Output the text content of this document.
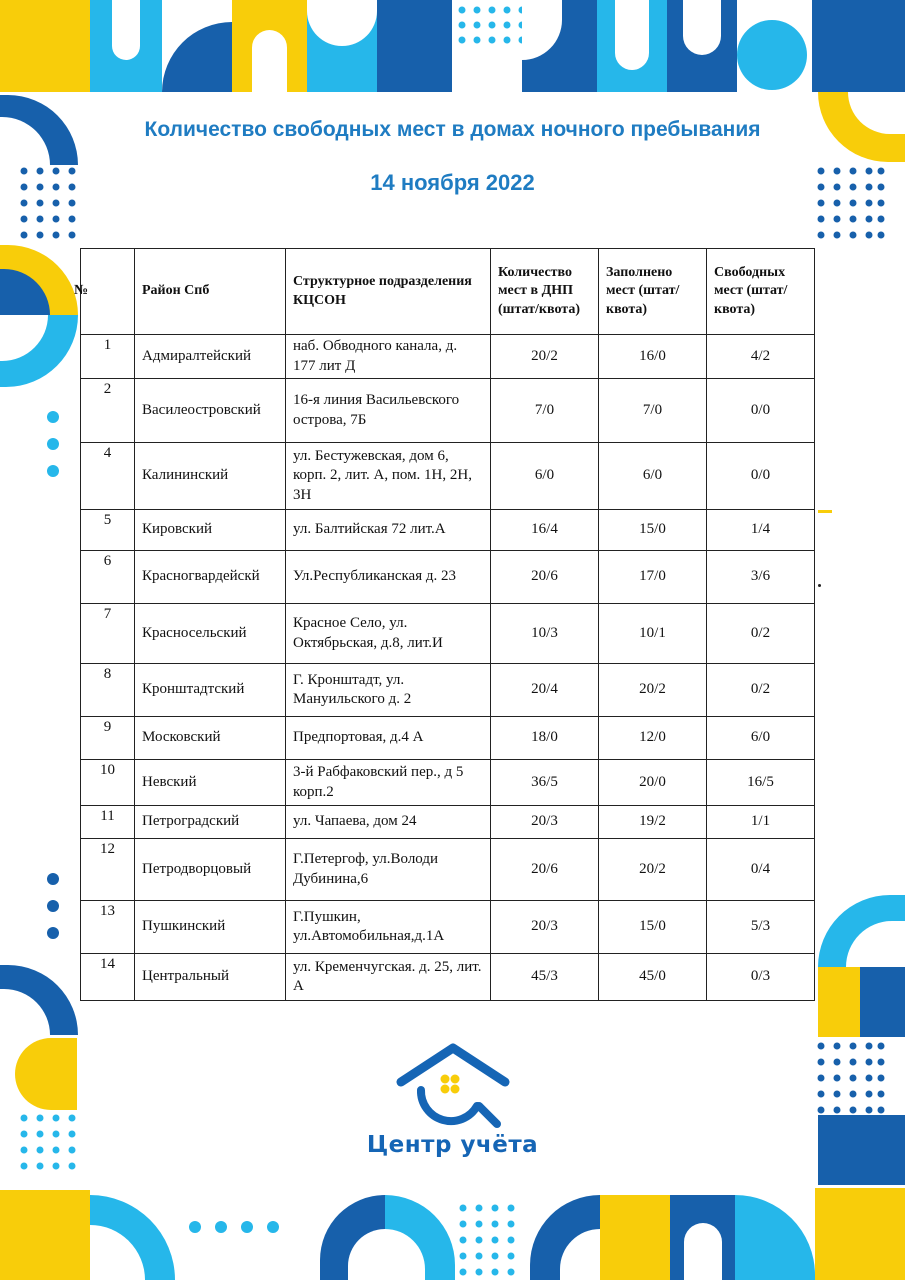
Количество свободных мест в домах ночного пребывания
14 ноября 2022
№	Район Спб	Структурное подразделения КЦСОН	Количество мест в ДНП (штат/квота)	Заполнено мест (штат/квота)	Свободных мест (штат/квота)
1	Адмиралтейский	наб. Обводного канала, д. 177 лит Д	20/2	16/0	4/2
2	Василеостровский	16-я линия Васильевского острова, 7Б	7/0	7/0	0/0
4	Калининский	ул. Бестужевская, дом 6, корп. 2, лит. А, пом. 1Н, 2Н, 3Н	6/0	6/0	0/0
5	Кировский	ул. Балтийская 72 лит.А	16/4	15/0	1/4
6	Красногвардейскй	Ул.Республиканская д. 23	20/6	17/0	3/6
7	Красносельский	Красное Село, ул. Октябрьская, д.8, лит.И	10/3	10/1	0/2
8	Кронштадтский	Г. Кронштадт, ул. Мануильского д. 2	20/4	20/2	0/2
9	Московский	Предпортовая, д.4 А	18/0	12/0	6/0
10	Невский	3-й Рабфаковский пер., д 5 корп.2	36/5	20/0	16/5
11	Петроградский	ул. Чапаева, дом 24	20/3	19/2	1/1
12	Петродворцовый	Г.Петергоф, ул.Володи Дубинина,6	20/6	20/2	0/4
13	Пушкинский	Г.Пушкин, ул.Автомобильная,д.1А	20/3	15/0	5/3
14	Центральный	ул. Кременчугская. д. 25, лит. А	45/3	45/0	0/3
Центр учёта
